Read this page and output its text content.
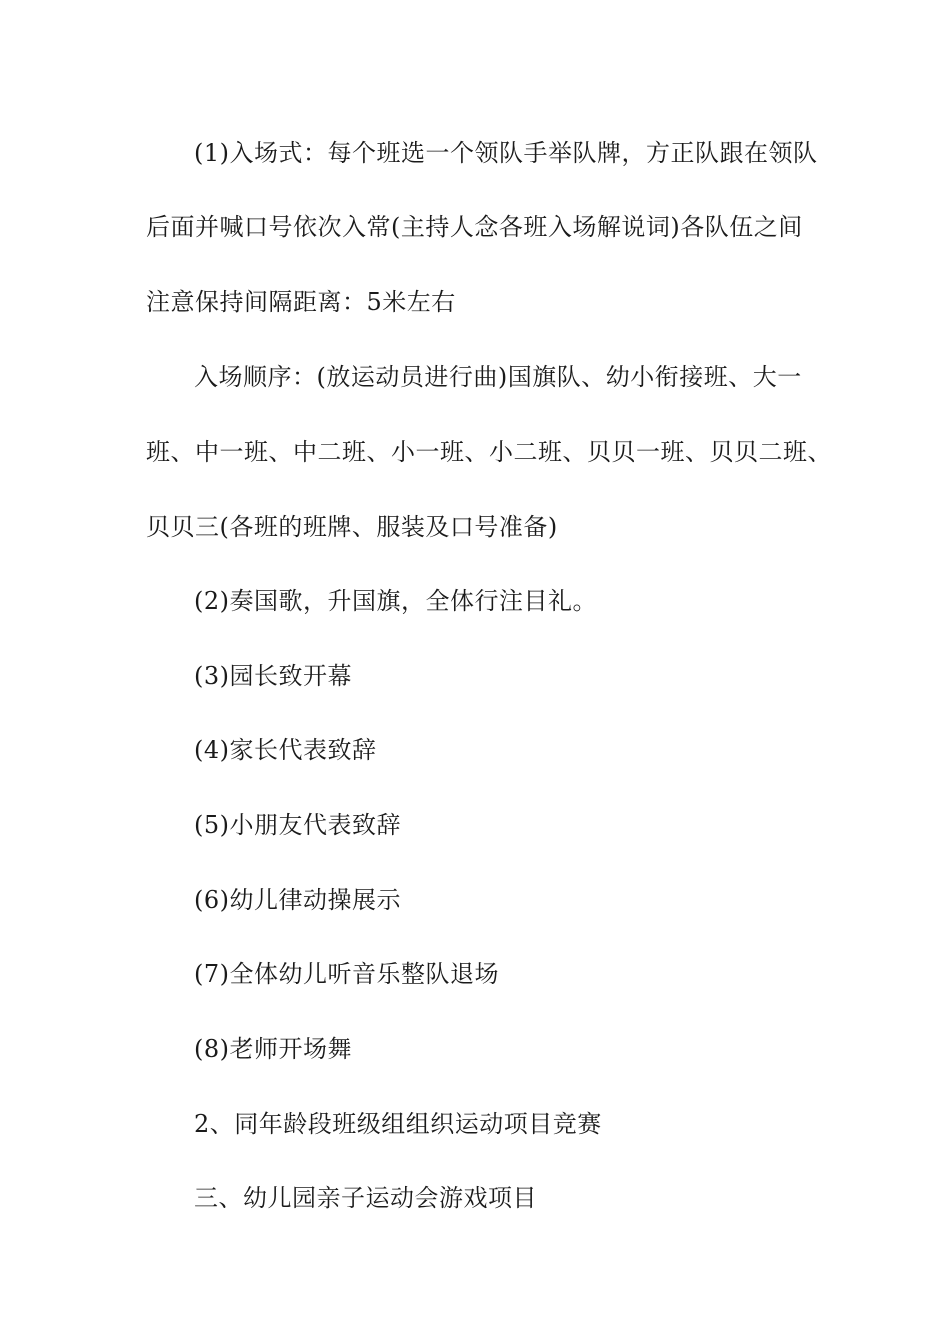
(1)入场式：每个班选一个领队手举队牌，方正队跟在领队
后面并喊口号依次入常(主持人念各班入场解说词)各队伍之间
注意保持间隔距离：5米左右
入场顺序：(放运动员进行曲)国旗队、幼小衔接班、大一
班、中一班、中二班、小一班、小二班、贝贝一班、贝贝二班、
贝贝三(各班的班牌、服装及口号准备)
(2)奏国歌，升国旗，全体行注目礼。
(3)园长致开幕
(4)家长代表致辞
(5)小朋友代表致辞
(6)幼儿律动操展示
(7)全体幼儿听音乐整队退场
(8)老师开场舞
2、同年龄段班级组组织运动项目竞赛
三、幼儿园亲子运动会游戏项目
